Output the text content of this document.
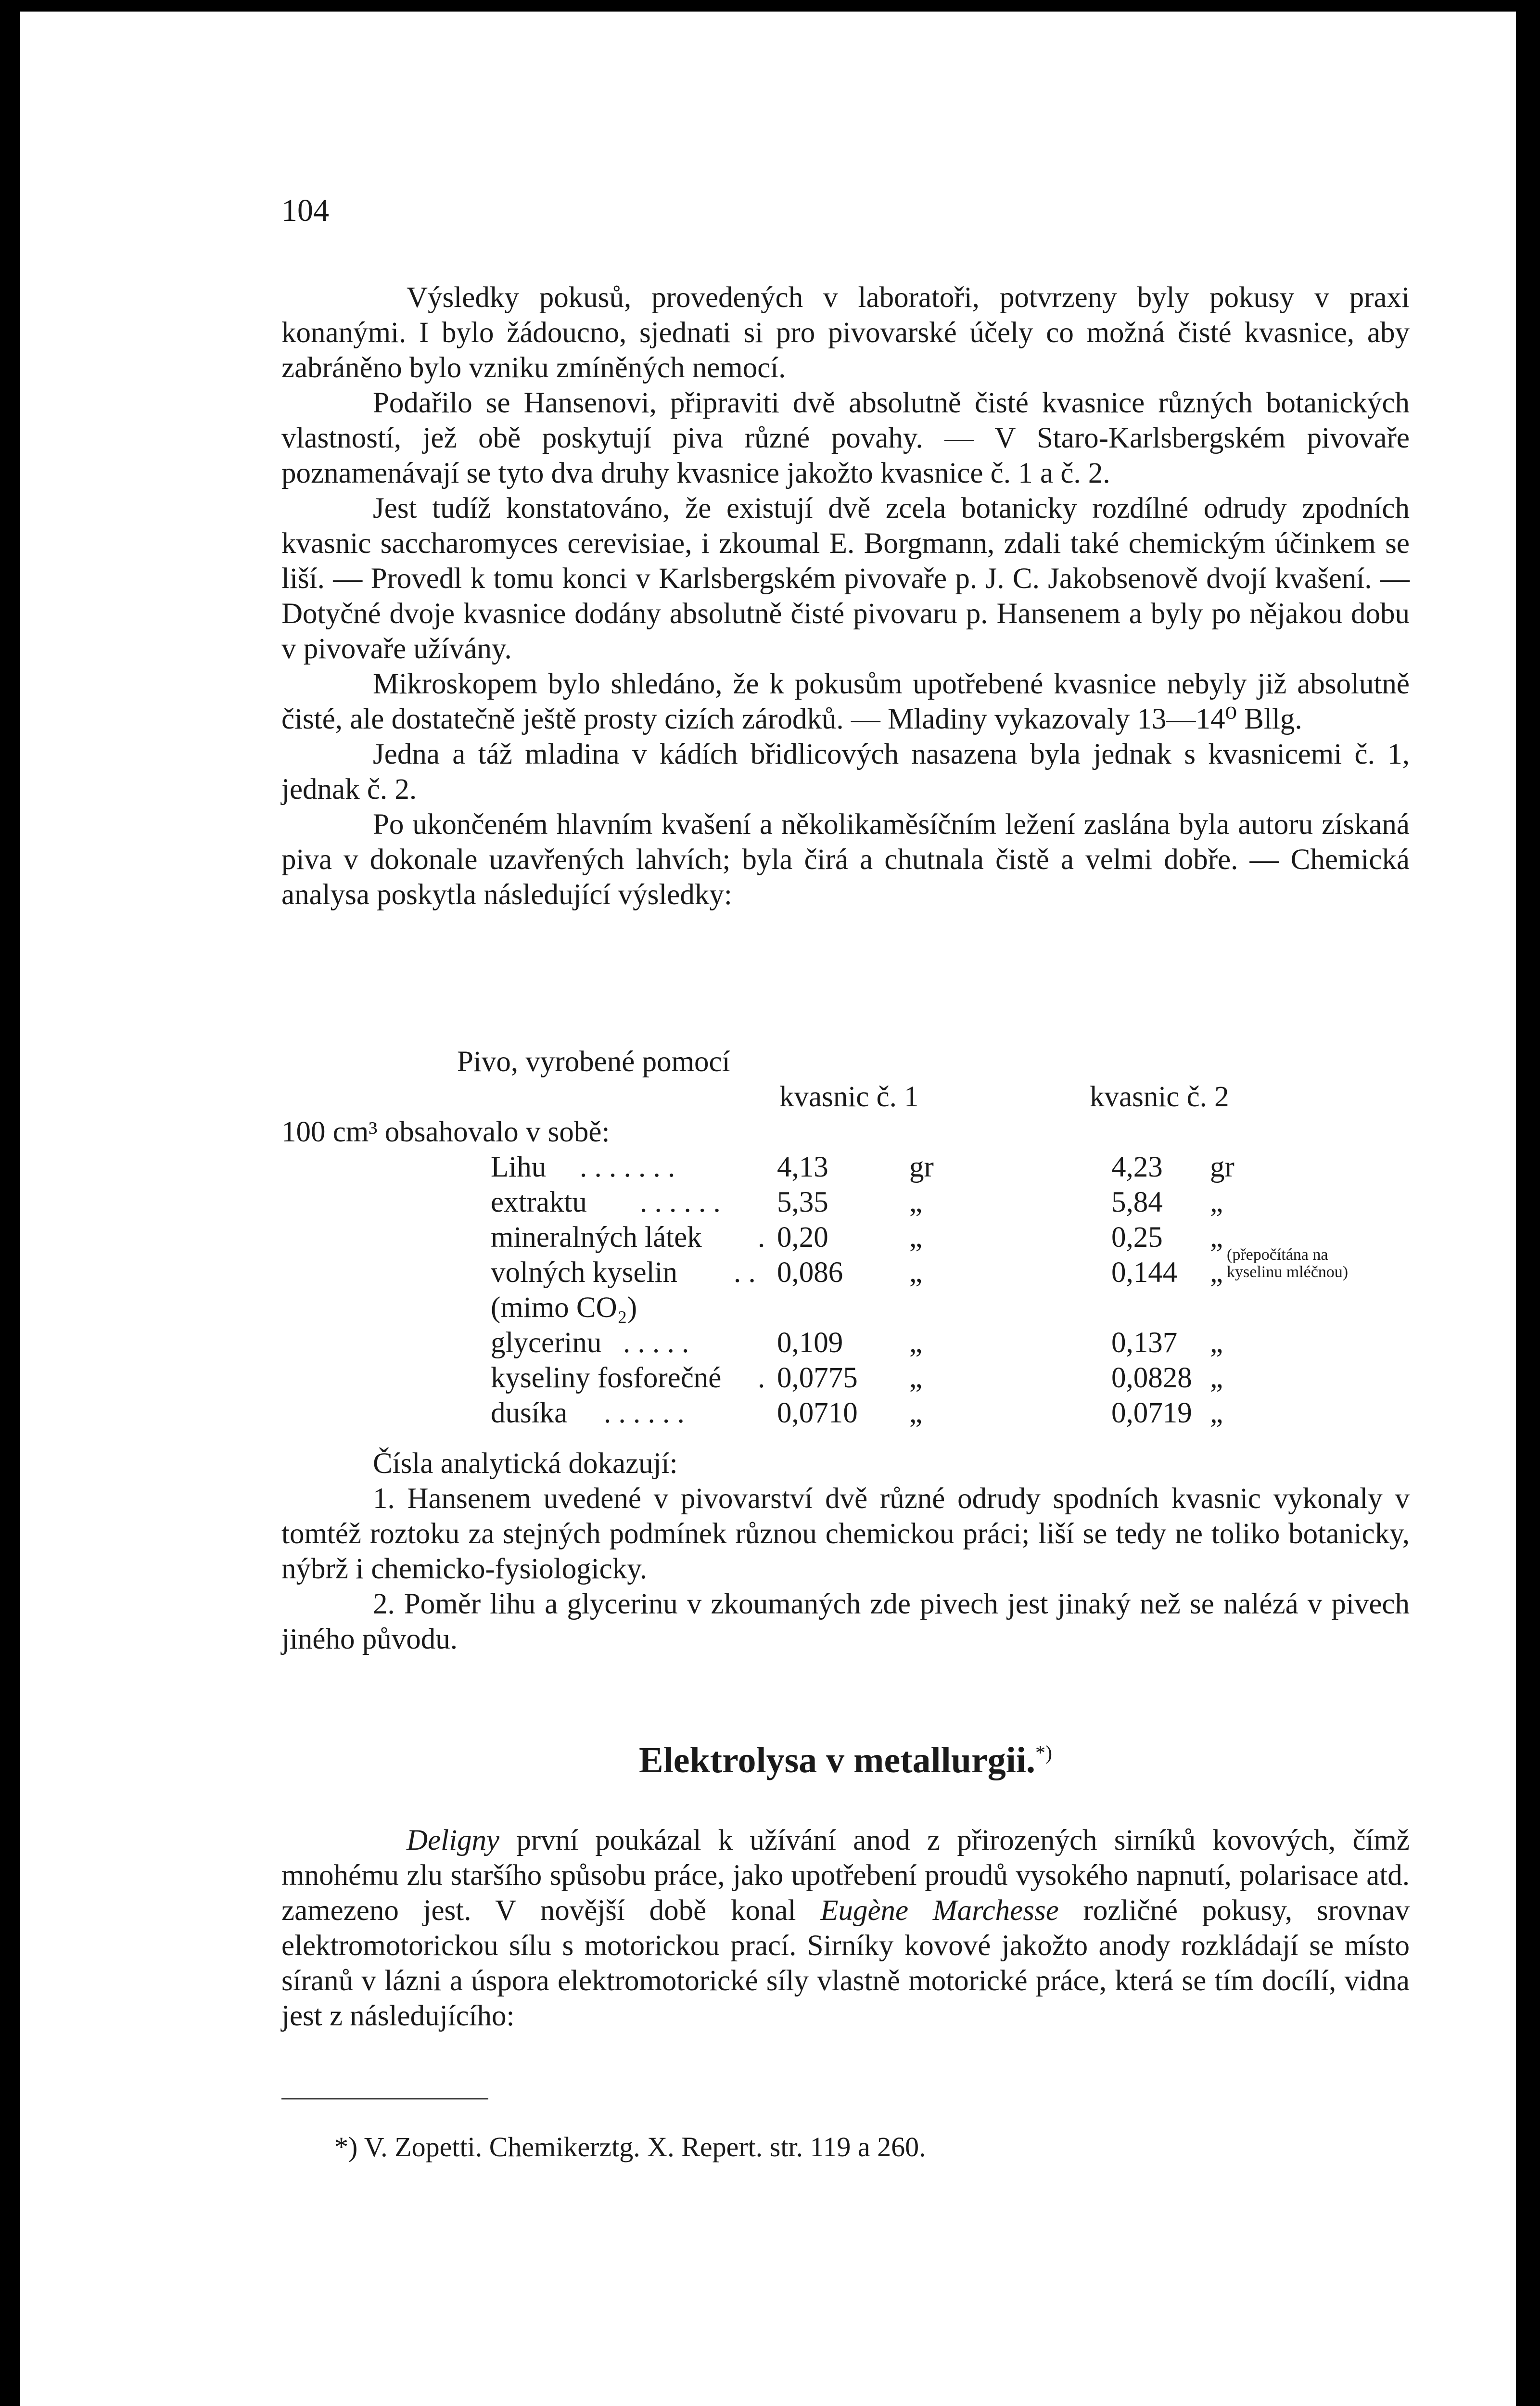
104

Výsledky pokusů, provedených v laboratoři, potvrzeny byly pokusy v praxi konanými. I bylo žádoucno, sjednati si pro pivovarské účely co možná čisté kvasnice, aby zabráněno bylo vzniku zmíněných nemocí.

Podařilo se Hansenovi, připraviti dvě absolutně čisté kvasnice různých botanických vlastností, jež obě poskytují piva různé povahy. — V Staro-Karlsbergském pivovaře poznamenávají se tyto dva druhy kvasnice jakožto kvasnice č. 1 a č. 2.

Jest tudíž konstatováno, že existují dvě zcela botanicky rozdílné odrudy zpodních kvasnic saccharomyces cerevisiae, i zkoumal E. Borgmann, zdali také chemickým účinkem se liší. — Provedl k tomu konci v Karlsbergském pivovaře p. J. C. Jakobsenově dvojí kvašení. — Dotyčné dvoje kvasnice dodány absolutně čisté pivovaru p. Hansenem a byly po nějakou dobu v pivovaře užívány.

Mikroskopem bylo shledáno, že k pokusům upotřebené kvasnice nebyly již absolutně čisté, ale dostatečně ještě prosty cizích zárodků. — Mladiny vykazovaly 13—14⁰ Bllg.

Jedna a táž mladina v kádích břidlicových nasazena byla jednak s kvasnicemi č. 1, jednak č. 2.

Po ukončeném hlavním kvašení a několikaměsíčním ležení zaslána byla autoru získaná piva v dokonale uzavřených lahvích; byla čirá a chutnala čistě a velmi dobře. — Chemická analysa poskytla následující výsledky:

Pivo, vyrobené pomocí
kvasnic č. 1	kvasnic č. 2
100 cm³ obsahovalo v sobě:
Lihu . . . . . . .	4,13	gr	4,23 gr
extraktu . . . . . . 5,35	„	5,84 „
mineralných látek . 0,20	„	0,25 „
volných kyselin . . 0,086 „	0,144 „
(přepočítána na
kyselinu mléčnou)
(mimo CO₂)
glycerinu . . . . .	0,109 „	0,137 „
kyseliny fosforečné . 0,0775 „	0,0828 „
dusíka . . . . . .	0,0710 „	0,0719 „

Čísla analytická dokazují:

1. Hansenem uvedené v pivovarství dvě různé odrudy spodních kvasnic vykonaly v tomtéž roztoku za stejných podmínek různou chemickou práci; liší se tedy ne toliko botanicky, nýbrž i chemicko-fysiologicky.

2. Poměr lihu a glycerinu v zkoumaných zde pivech jest jinaký než se nalézá v pivech jiného původu.

Elektrolysa v metallurgii.*)

Deligny první poukázal k užívání anod z přirozených sirníků kovových, čímž mnohému zlu staršího spůsobu práce, jako upotřebení proudů vysokého napnutí, polarisace atd. zamezeno jest. V novější době konal Eugène Marchesse rozličné pokusy, srovnav elektromotorickou sílu s motorickou prací. Sirníky kovové jakožto anody rozkládají se místo síranů v lázni a úspora elektromotorické síly vlastně motorické práce, která se tím docílí, vidna jest z následujícího:

*) V. Zopetti. Chemikerztg. X. Repert. str. 119 a 260.
